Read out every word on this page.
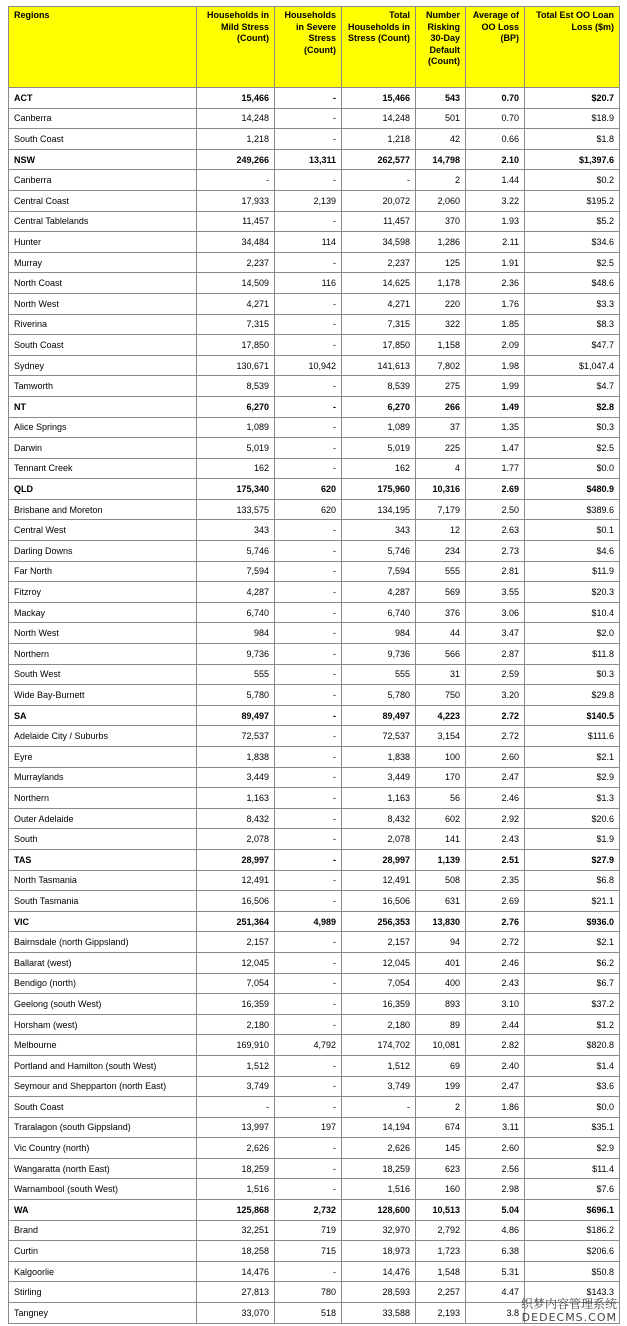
Regions	Households in Mild Stress (Count)	Households in Severe Stress (Count)	Total Households in Stress (Count)	Number Risking 30-Day Default (Count)	Average of OO Loss (BP)	Total Est OO Loan Loss ($m)
ACT	15,466	-	15,466	543	0.70	$20.7
Canberra	14,248	-	14,248	501	0.70	$18.9
South Coast	1,218	-	1,218	42	0.66	$1.8
NSW	249,266	13,311	262,577	14,798	2.10	$1,397.6
Canberra	-	-	-	2	1.44	$0.2
Central Coast	17,933	2,139	20,072	2,060	3.22	$195.2
Central Tablelands	11,457	-	11,457	370	1.93	$5.2
Hunter	34,484	114	34,598	1,286	2.11	$34.6
Murray	2,237	-	2,237	125	1.91	$2.5
North Coast	14,509	116	14,625	1,178	2.36	$48.6
North West	4,271	-	4,271	220	1.76	$3.3
Riverina	7,315	-	7,315	322	1.85	$8.3
South Coast	17,850	-	17,850	1,158	2.09	$47.7
Sydney	130,671	10,942	141,613	7,802	1.98	$1,047.4
Tamworth	8,539	-	8,539	275	1.99	$4.7
NT	6,270	-	6,270	266	1.49	$2.8
Alice Springs	1,089	-	1,089	37	1.35	$0.3
Darwin	5,019	-	5,019	225	1.47	$2.5
Tennant Creek	162	-	162	4	1.77	$0.0
QLD	175,340	620	175,960	10,316	2.69	$480.9
Brisbane and Moreton	133,575	620	134,195	7,179	2.50	$389.6
Central West	343	-	343	12	2.63	$0.1
Darling Downs	5,746	-	5,746	234	2.73	$4.6
Far North	7,594	-	7,594	555	2.81	$11.9
Fitzroy	4,287	-	4,287	569	3.55	$20.3
Mackay	6,740	-	6,740	376	3.06	$10.4
North West	984	-	984	44	3.47	$2.0
Northern	9,736	-	9,736	566	2.87	$11.8
South West	555	-	555	31	2.59	$0.3
Wide Bay-Burnett	5,780	-	5,780	750	3.20	$29.8
SA	89,497	-	89,497	4,223	2.72	$140.5
Adelaide City / Suburbs	72,537	-	72,537	3,154	2.72	$111.6
Eyre	1,838	-	1,838	100	2.60	$2.1
Murraylands	3,449	-	3,449	170	2.47	$2.9
Northern	1,163	-	1,163	56	2.46	$1.3
Outer Adelaide	8,432	-	8,432	602	2.92	$20.6
South	2,078	-	2,078	141	2.43	$1.9
TAS	28,997	-	28,997	1,139	2.51	$27.9
North Tasmania	12,491	-	12,491	508	2.35	$6.8
South Tasmania	16,506	-	16,506	631	2.69	$21.1
VIC	251,364	4,989	256,353	13,830	2.76	$936.0
Bairnsdale (north Gippsland)	2,157	-	2,157	94	2.72	$2.1
Ballarat (west)	12,045	-	12,045	401	2.46	$6.2
Bendigo (north)	7,054	-	7,054	400	2.43	$6.7
Geelong (south West)	16,359	-	16,359	893	3.10	$37.2
Horsham (west)	2,180	-	2,180	89	2.44	$1.2
Melbourne	169,910	4,792	174,702	10,081	2.82	$820.8
Portland and Hamilton (south West)	1,512	-	1,512	69	2.40	$1.4
Seymour and Shepparton (north East)	3,749	-	3,749	199	2.47	$3.6
South Coast	-	-	-	2	1.86	$0.0
Traralagon (south Gippsland)	13,997	197	14,194	674	3.11	$35.1
Vic Country (north)	2,626	-	2,626	145	2.60	$2.9
Wangaratta (north East)	18,259	-	18,259	623	2.56	$11.4
Warnambool (south West)	1,516	-	1,516	160	2.98	$7.6
WA	125,868	2,732	128,600	10,513	5.04	$696.1
Brand	32,251	719	32,970	2,792	4.86	$186.2
Curtin	18,258	715	18,973	1,723	6.38	$206.6
Kalgoorlie	14,476	-	14,476	1,548	5.31	$50.8
Stirling	27,813	780	28,593	2,257	4.47	$143.3
Tangney	33,070	518	33,588	2,193	3.8	
织梦内容管理系统
DEDECMS.COM
